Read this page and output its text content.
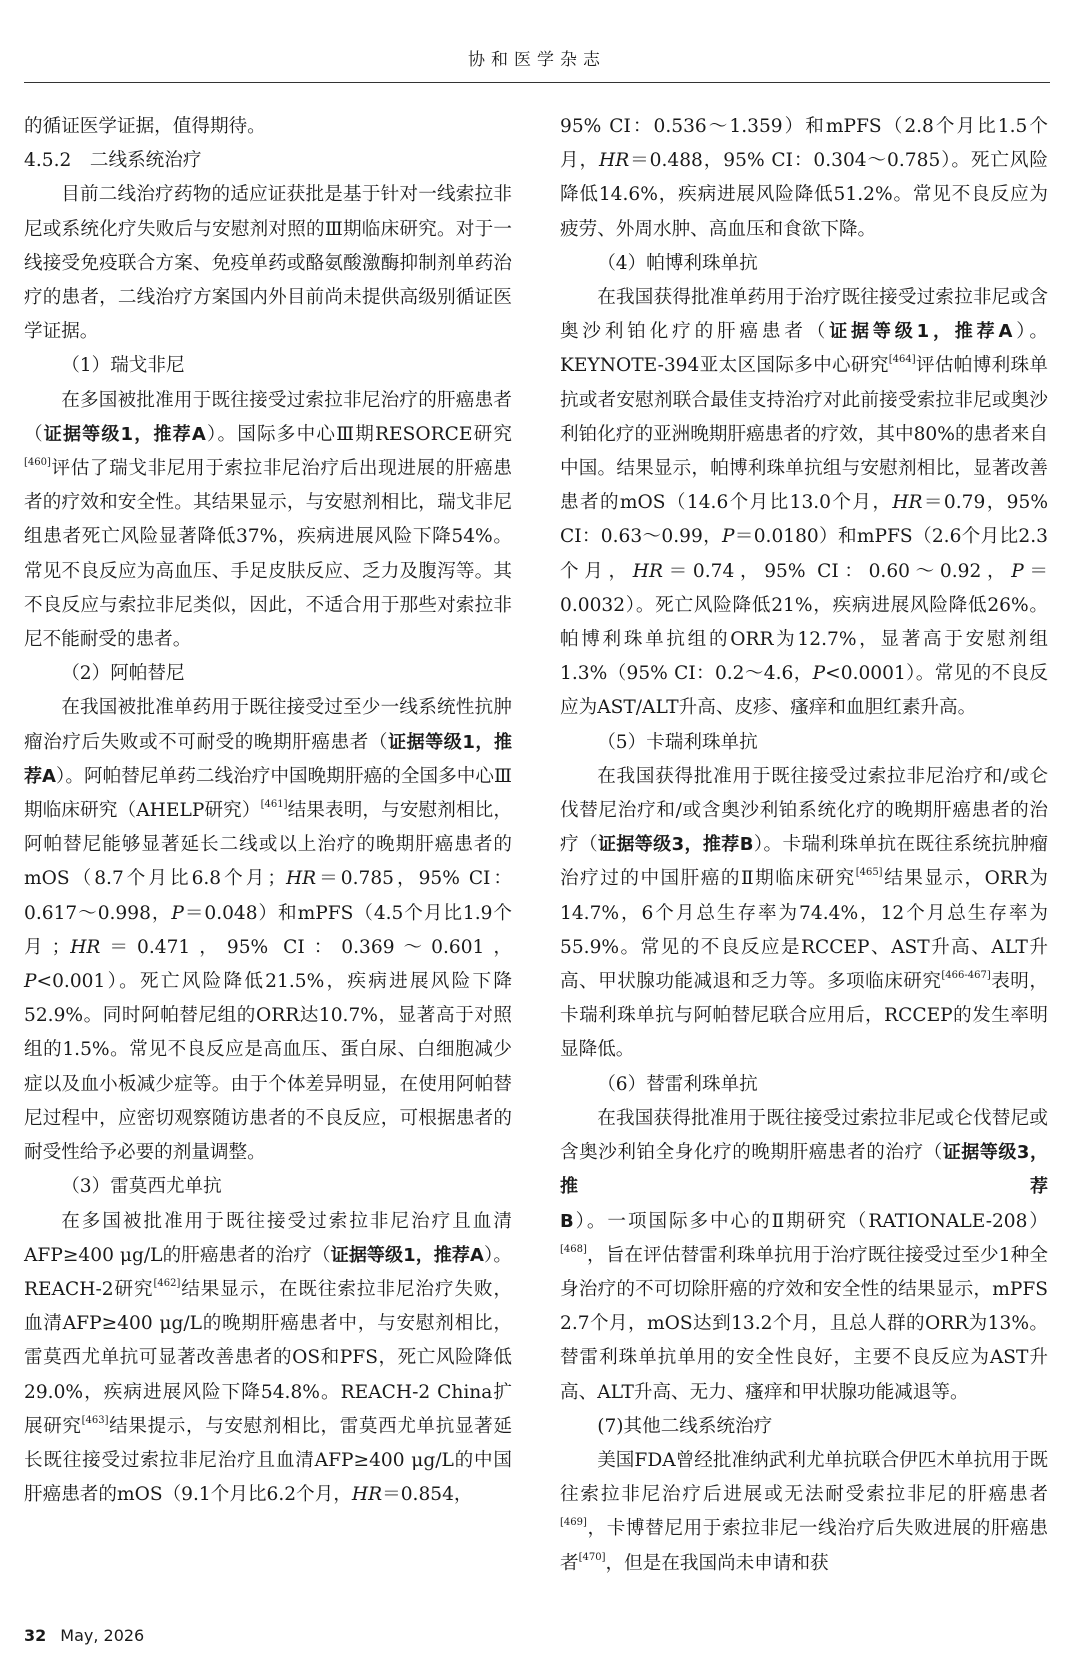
协和医学杂志

的循证医学证据，值得期待。

4.5.2　二线系统治疗

目前二线治疗药物的适应证获批是基于针对一线索拉非尼或系统化疗失败后与安慰剂对照的Ⅲ期临床研究。对于一线接受免疫联合方案、免疫单药或酪氨酸激酶抑制剂单药治疗的患者，二线治疗方案国内外目前尚未提供高级别循证医学证据。

（1）瑞戈非尼

在多国被批准用于既往接受过索拉非尼治疗的肝癌患者（证据等级1，推荐A）。国际多中心Ⅲ期RESORCE研究[460]评估了瑞戈非尼用于索拉非尼治疗后出现进展的肝癌患者的疗效和安全性。其结果显示，与安慰剂相比，瑞戈非尼组患者死亡风险显著降低37%，疾病进展风险下降54%。常见不良反应为高血压、手足皮肤反应、乏力及腹泻等。其不良反应与索拉非尼类似，因此，不适合用于那些对索拉非尼不能耐受的患者。

（2）阿帕替尼

在我国被批准单药用于既往接受过至少一线系统性抗肿瘤治疗后失败或不可耐受的晚期肝癌患者（证据等级1，推荐A）。阿帕替尼单药二线治疗中国晚期肝癌的全国多中心Ⅲ期临床研究（AHELP研究）[461]结果表明，与安慰剂相比，阿帕替尼能够显著延长二线或以上治疗的晚期肝癌患者的mOS（8.7个月比6.8个月；HR＝0.785，95% CI：0.617～0.998，P＝0.048）和mPFS（4.5个月比1.9个月；HR＝0.471，95% CI：0.369～0.601，P<0.001）。死亡风险降低21.5%，疾病进展风险下降52.9%。同时阿帕替尼组的ORR达10.7%，显著高于对照组的1.5%。常见不良反应是高血压、蛋白尿、白细胞减少症以及血小板减少症等。由于个体差异明显，在使用阿帕替尼过程中，应密切观察随访患者的不良反应，可根据患者的耐受性给予必要的剂量调整。

（3）雷莫西尤单抗

在多国被批准用于既往接受过索拉非尼治疗且血清AFP≥400 μg/L的肝癌患者的治疗（证据等级1，推荐A）。REACH-2研究[462]结果显示，在既往索拉非尼治疗失败，血清AFP≥400 μg/L的晚期肝癌患者中，与安慰剂相比，雷莫西尤单抗可显著改善患者的OS和PFS，死亡风险降低29.0%，疾病进展风险下降54.8%。REACH-2 China扩展研究[463]结果提示，与安慰剂相比，雷莫西尤单抗显著延长既往接受过索拉非尼治疗且血清AFP≥400 μg/L的中国肝癌患者的mOS（9.1个月比6.2个月，HR＝0.854，

95% CI：0.536～1.359）和mPFS（2.8个月比1.5个月，HR＝0.488，95% CI：0.304～0.785）。死亡风险降低14.6%，疾病进展风险降低51.2%。常见不良反应为疲劳、外周水肿、高血压和食欲下降。

（4）帕博利珠单抗

在我国获得批准单药用于治疗既往接受过索拉非尼或含奥沙利铂化疗的肝癌患者（证据等级1，推荐A）。KEYNOTE-394亚太区国际多中心研究[464]评估帕博利珠单抗或者安慰剂联合最佳支持治疗对此前接受索拉非尼或奥沙利铂化疗的亚洲晚期肝癌患者的疗效，其中80%的患者来自中国。结果显示，帕博利珠单抗组与安慰剂相比，显著改善患者的mOS（14.6个月比13.0个月，HR＝0.79，95% CI：0.63～0.99，P＝0.0180）和mPFS（2.6个月比2.3个月，HR＝0.74，95% CI：0.60～0.92，P＝0.0032）。死亡风险降低21%，疾病进展风险降低26%。帕博利珠单抗组的ORR为12.7%，显著高于安慰剂组1.3%（95% CI：0.2～4.6，P<0.0001）。常见的不良反应为AST/ALT升高、皮疹、瘙痒和血胆红素升高。

（5）卡瑞利珠单抗

在我国获得批准用于既往接受过索拉非尼治疗和/或仑伐替尼治疗和/或含奥沙利铂系统化疗的晚期肝癌患者的治疗（证据等级3，推荐B）。卡瑞利珠单抗在既往系统抗肿瘤治疗过的中国肝癌的Ⅱ期临床研究[465]结果显示，ORR为14.7%，6个月总生存率为74.4%，12个月总生存率为55.9%。常见的不良反应是RCCEP、AST升高、ALT升高、甲状腺功能减退和乏力等。多项临床研究[466-467]表明，卡瑞利珠单抗与阿帕替尼联合应用后，RCCEP的发生率明显降低。

（6）替雷利珠单抗

在我国获得批准用于既往接受过索拉非尼或仑伐替尼或含奥沙利铂全身化疗的晚期肝癌患者的治疗（证据等级3，推荐B）。一项国际多中心的Ⅱ期研究（RATIONALE-208）[468]，旨在评估替雷利珠单抗用于治疗既往接受过至少1种全身治疗的不可切除肝癌的疗效和安全性的结果显示，mPFS 2.7个月，mOS达到13.2个月，且总人群的ORR为13%。替雷利珠单抗单用的安全性良好，主要不良反应为AST升高、ALT升高、无力、瘙痒和甲状腺功能减退等。

(7)其他二线系统治疗

美国FDA曾经批准纳武利尤单抗联合伊匹木单抗用于既往索拉非尼治疗后进展或无法耐受索拉非尼的肝癌患者[469]，卡博替尼用于索拉非尼一线治疗后失败进展的肝癌患者[470]，但是在我国尚未申请和获

32 May, 2026
